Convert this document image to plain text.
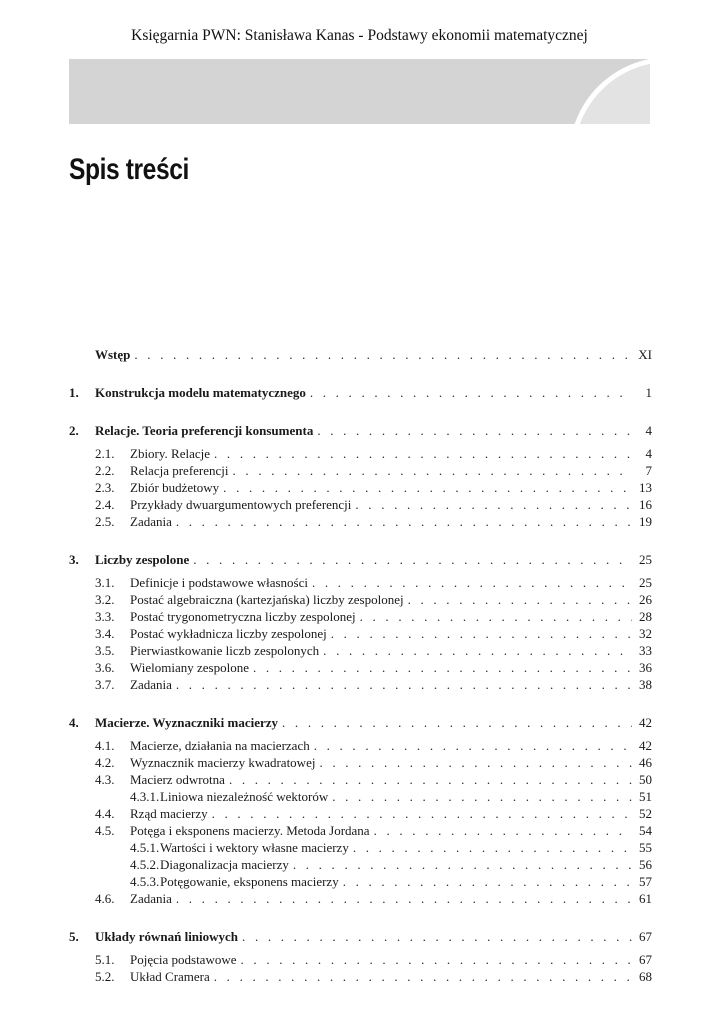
Księgarnia PWN: Stanisława Kanas - Podstawy ekonomii matematycznej
Spis treści
Wstęp . . .	XI
1.	Konstrukcja modelu matematycznego . . .	1
2.	Relacje. Teoria preferencji konsumenta . . .	4
2.1.	Zbiory. Relacje . . .	4
2.2.	Relacja preferencji . . .	7
2.3.	Zbiór budżetowy . . .	13
2.4.	Przykłady dwuargumentowych preferencji . . .	16
2.5.	Zadania . . .	19
3.	Liczby zespolone . . .	25
3.1.	Definicje i podstawowe własności . . .	25
3.2.	Postać algebraiczna (kartezjańska) liczby zespolonej . . .	26
3.3.	Postać trygonometryczna liczby zespolonej . . .	28
3.4.	Postać wykładnicza liczby zespolonej . . .	32
3.5.	Pierwiastkowanie liczb zespolonych . . .	33
3.6.	Wielomiany zespolone . . .	36
3.7.	Zadania . . .	38
4.	Macierze. Wyznaczniki macierzy . . .	42
4.1.	Macierze, działania na macierzach . . .	42
4.2.	Wyznacznik macierzy kwadratowej . . .	46
4.3.	Macierz odwrotna . . .	50
4.3.1. Liniowa niezależność wektorów . . .	51
4.4.	Rząd macierzy . . .	52
4.5.	Potęga i eksponens macierzy. Metoda Jordana . . .	54
4.5.1. Wartości i wektory własne macierzy . . .	55
4.5.2. Diagonalizacja macierzy . . .	56
4.5.3. Potęgowanie, eksponens macierzy . . .	57
4.6.	Zadania . . .	61
5.	Układy równań liniowych . . .	67
5.1.	Pojęcia podstawowe . . .	67
5.2.	Układ Cramera . . .	68
